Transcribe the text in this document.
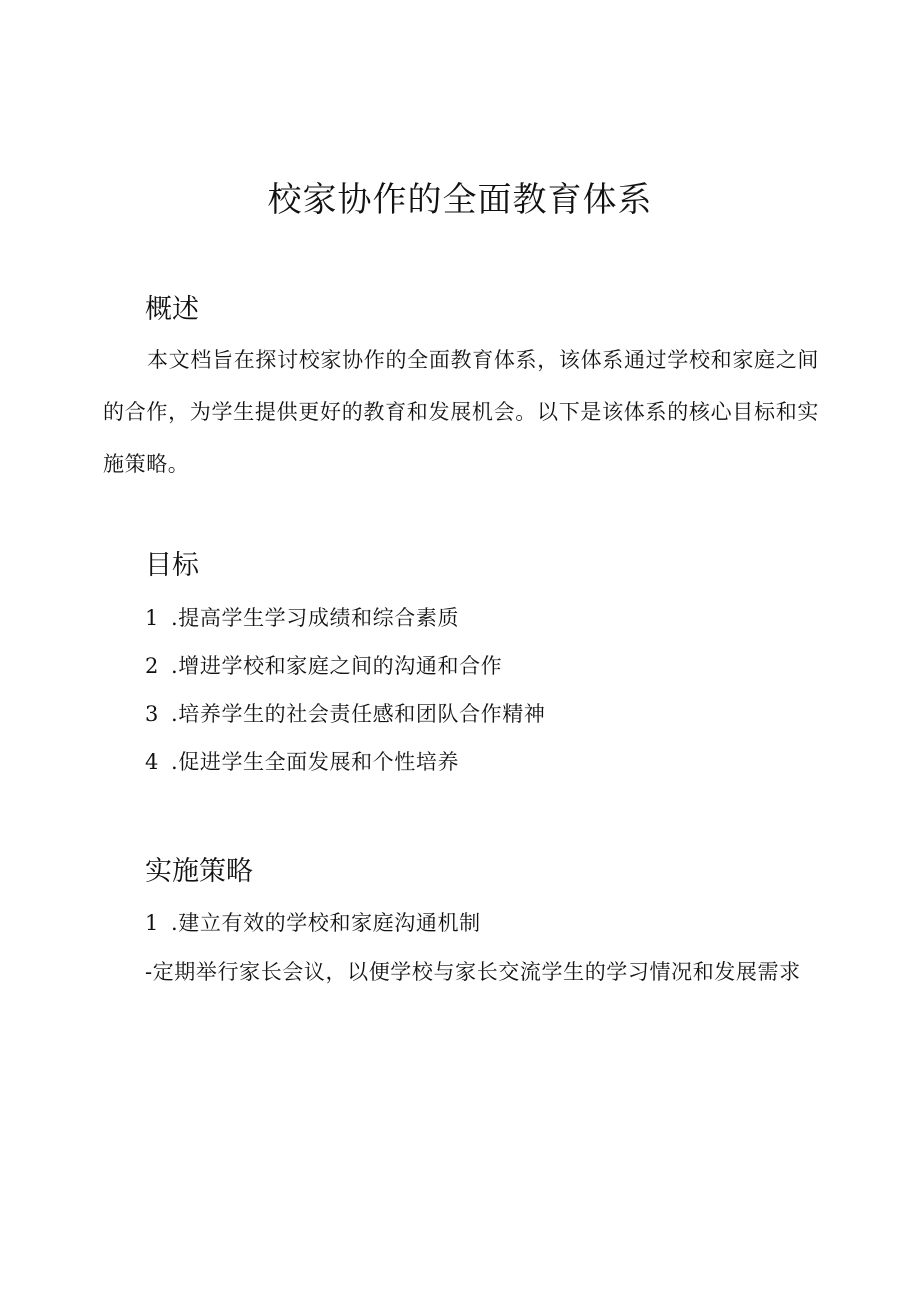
校家协作的全面教育体系
概述

本文档旨在探讨校家协作的全面教育体系，该体系通过学校和家庭之间的合作，为学生提供更好的教育和发展机会。以下是该体系的核心目标和实施策略。

目标
1 .提高学生学习成绩和综合素质
2 .增进学校和家庭之间的沟通和合作
3 .培养学生的社会责任感和团队合作精神
4 .促进学生全面发展和个性培养
实施策略
1 .建立有效的学校和家庭沟通机制

-定期举行家长会议，以便学校与家长交流学生的学习情况和发展需求
